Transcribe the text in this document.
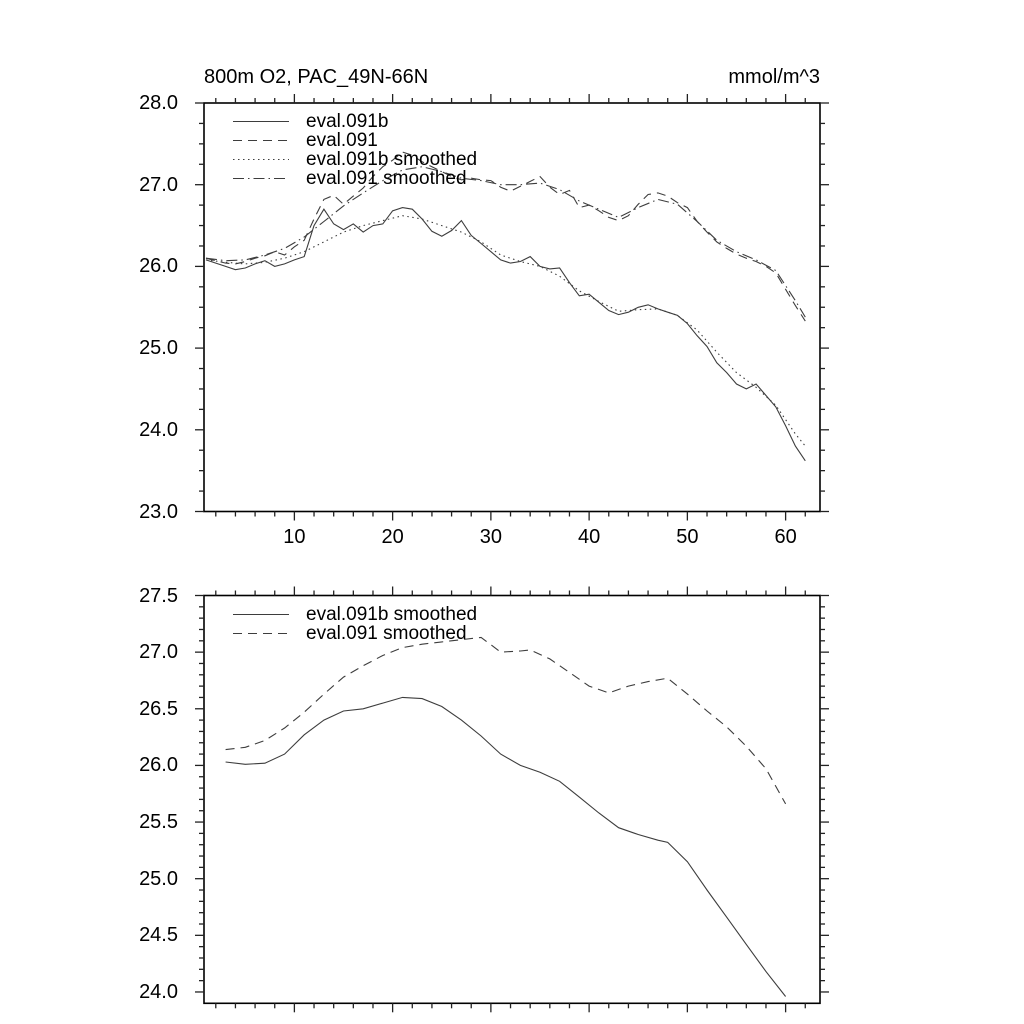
800m O2, PAC_49N-66N	mmol/m^3
eval.091b
eval.091
eval.091b smoothed
eval.091 smoothed
eval.091b smoothed
eval.091 smoothed
10	20	30	40	50	60
23.0
24.0
25.0
26.0
27.0
28.0
24.0
24.5
25.0
25.5
26.0
26.5
27.0
27.5
